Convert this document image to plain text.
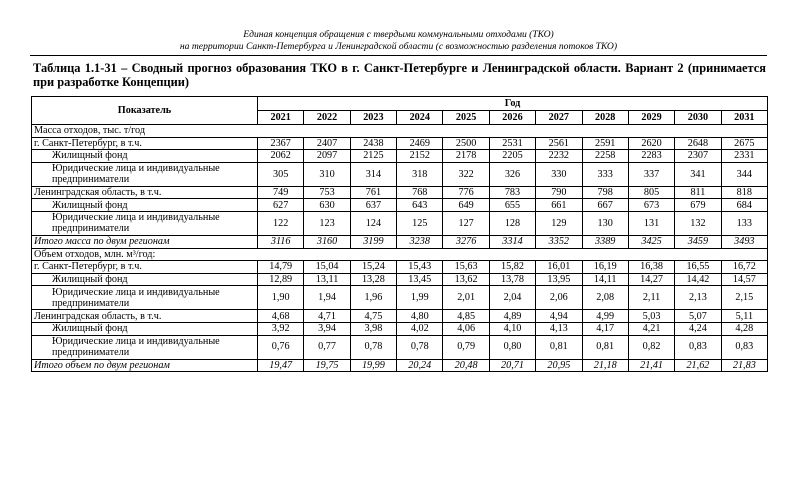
Единая концепция обращения с твердыми коммунальными отходами (ТКО)
на территории Санкт-Петербурга и Ленинградской области (с возможностью разделения потоков ТКО)
Таблица 1.1-31 – Сводный прогноз образования ТКО в г. Санкт-Петербурге и Ленинградской области. Вариант 2 (принимается при разработке Концепции)
Показатель	Год										
	2021	2022	2023	2024	2025	2026	2027	2028	2029	2030	2031
Масса отходов, тыс. т/год											
г. Санкт-Петербург, в т.ч.	2367	2407	2438	2469	2500	2531	2561	2591	2620	2648	2675
Жилищный фонд	2062	2097	2125	2152	2178	2205	2232	2258	2283	2307	2331
Юридические лица и индивидуальные предприниматели	305	310	314	318	322	326	330	333	337	341	344
Ленинградская область, в т.ч.	749	753	761	768	776	783	790	798	805	811	818
Жилищный фонд	627	630	637	643	649	655	661	667	673	679	684
Юридические лица и индивидуальные предприниматели	122	123	124	125	127	128	129	130	131	132	133
Итого масса по двум регионам	3116	3160	3199	3238	3276	3314	3352	3389	3425	3459	3493
Объем отходов, млн. м³/год:											
г. Санкт-Петербург, в т.ч.	14,79	15,04	15,24	15,43	15,63	15,82	16,01	16,19	16,38	16,55	16,72
Жилищный фонд	12,89	13,11	13,28	13,45	13,62	13,78	13,95	14,11	14,27	14,42	14,57
Юридические лица и индивидуальные предприниматели	1,90	1,94	1,96	1,99	2,01	2,04	2,06	2,08	2,11	2,13	2,15
Ленинградская область, в т.ч.	4,68	4,71	4,75	4,80	4,85	4,89	4,94	4,99	5,03	5,07	5,11
Жилищный фонд	3,92	3,94	3,98	4,02	4,06	4,10	4,13	4,17	4,21	4,24	4,28
Юридические лица и индивидуальные предприниматели	0,76	0,77	0,78	0,78	0,79	0,80	0,81	0,81	0,82	0,83	0,83
Итого объем по двум регионам	19,47	19,75	19,99	20,24	20,48	20,71	20,95	21,18	21,41	21,62	21,83
